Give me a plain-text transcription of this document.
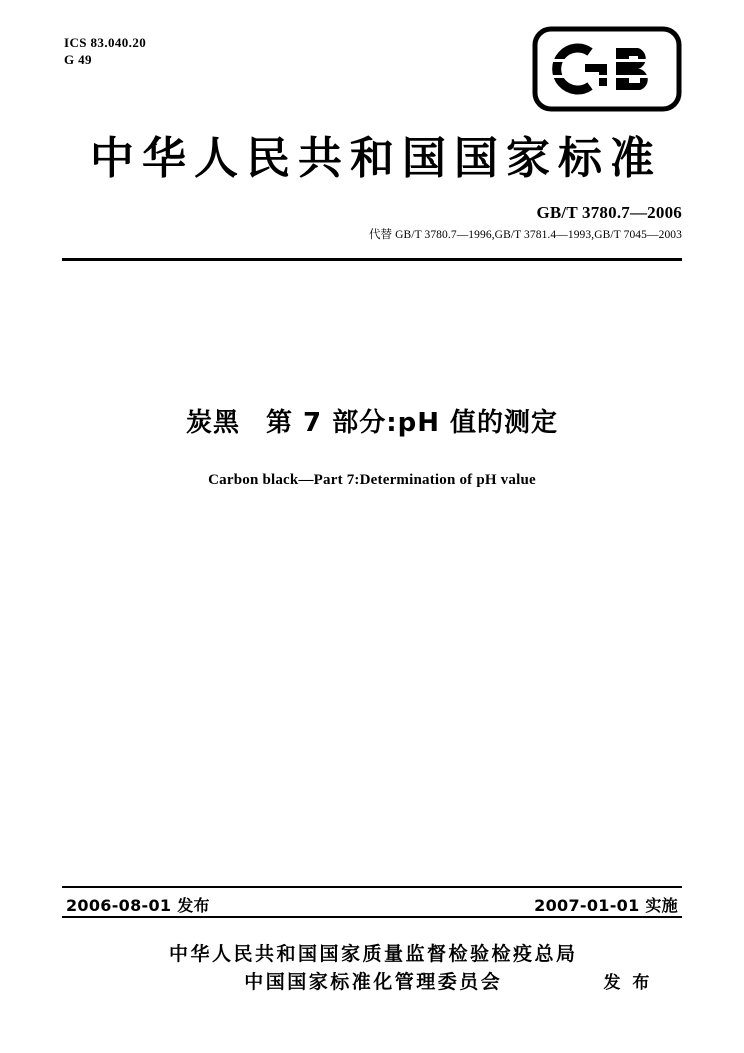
ICS 83.040.20
G 49
中华人民共和国国家标准
GB/T 3780.7—2006
代替 GB/T 3780.7—1996,GB/T 3781.4—1993,GB/T 7045—2003
炭黑 第 7 部分:pH 值的测定
Carbon black—Part 7:Determination of pH value
2006-08-01 发布	2007-01-01 实施
中华人民共和国国家质量监督检验检疫总局
中国国家标准化管理委员会	发 布
